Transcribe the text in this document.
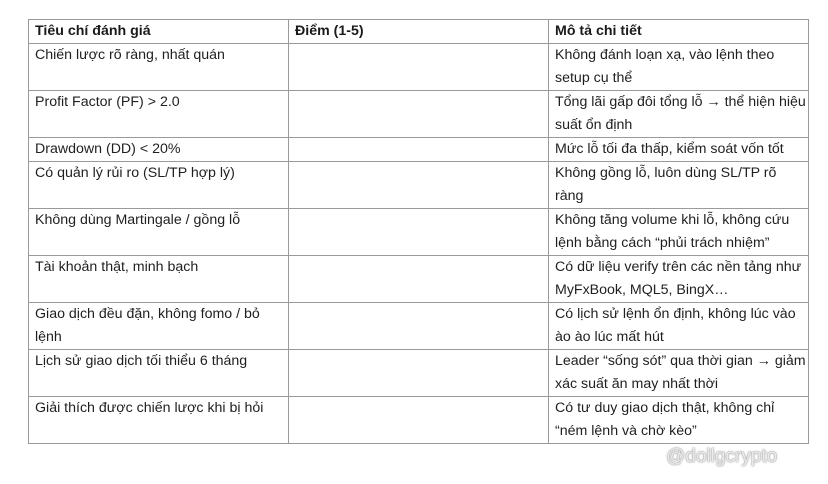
Tiêu chí đánh giá	Điểm (1-5)	Mô tả chi tiết
Chiến lược rõ ràng, nhất quán		Không đánh loạn xạ, vào lệnh theo setup cụ thể
Profit Factor (PF) > 2.0		Tổng lãi gấp đôi tổng lỗ → thể hiện hiệu suất ổn định
Drawdown (DD) < 20%		Mức lỗ tối đa thấp, kiểm soát vốn tốt
Có quản lý rủi ro (SL/TP hợp lý)		Không gồng lỗ, luôn dùng SL/TP rõ ràng
Không dùng Martingale / gồng lỗ		Không tăng volume khi lỗ, không cứu lệnh bằng cách “phủi trách nhiệm”
Tài khoản thật, minh bạch		Có dữ liệu verify trên các nền tảng như MyFxBook, MQL5, BingX…
Giao dịch đều đặn, không fomo / bỏ lệnh		Có lịch sử lệnh ổn định, không lúc vào ào ào lúc mất hút
Lịch sử giao dịch tối thiểu 6 tháng		Leader “sống sót” qua thời gian → giảm xác suất ăn may nhất thời
Giải thích được chiến lược khi bị hỏi		Có tư duy giao dịch thật, không chỉ “ném lệnh và chờ kèo”
@dollgcrypto
